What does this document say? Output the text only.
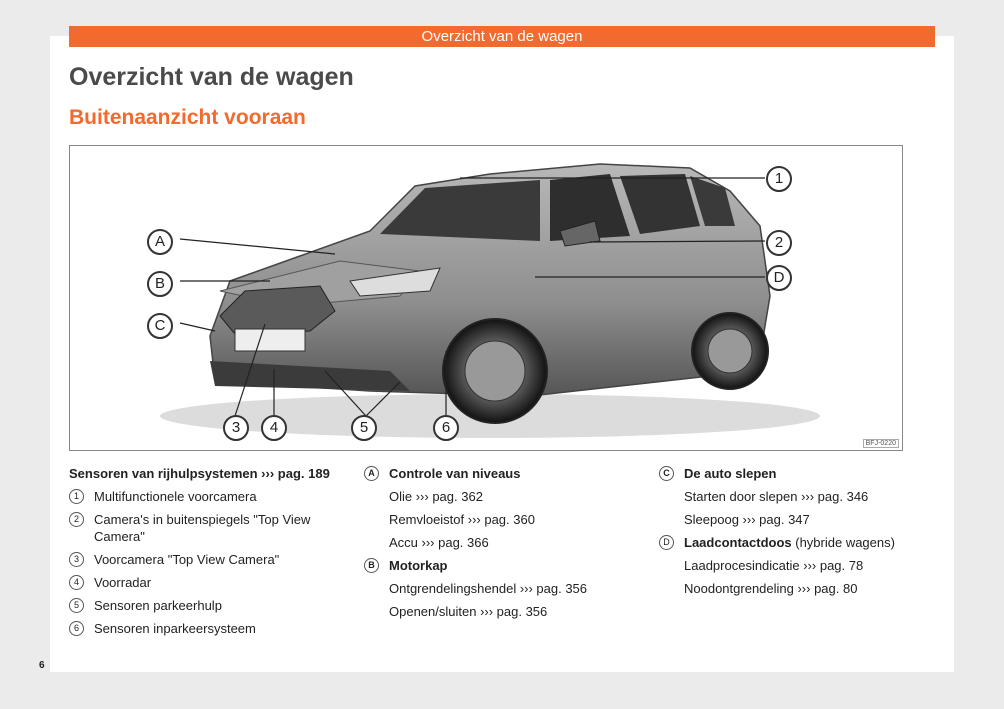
Overzicht van de wagen
Overzicht van de wagen
Buitenaanzicht vooraan
1
2
3	4	5	6
A
B
C
D
BFJ-0220
Sensoren van rijhulpsystemen ››› pag. 189
1	Multifunctionele voorcamera
2	Camera's in buitenspiegels "Top View Camera"
3	Voorcamera "Top View Camera"
4	Voorradar
5	Sensoren parkeerhulp
6	Sensoren inparkeersysteem
A	Controle van niveaus
Olie ››› pag. 362
Remvloeistof ››› pag. 360
Accu ››› pag. 366
B	Motorkap
Ontgrendelingshendel ››› pag. 356
Openen/sluiten ››› pag. 356
C	De auto slepen
Starten door slepen ››› pag. 346
Sleepoog ››› pag. 347
D	Laadcontactdoos (hybride wagens)
Laadprocesindicatie ››› pag. 78
Noodontgrendeling ››› pag. 80
6
